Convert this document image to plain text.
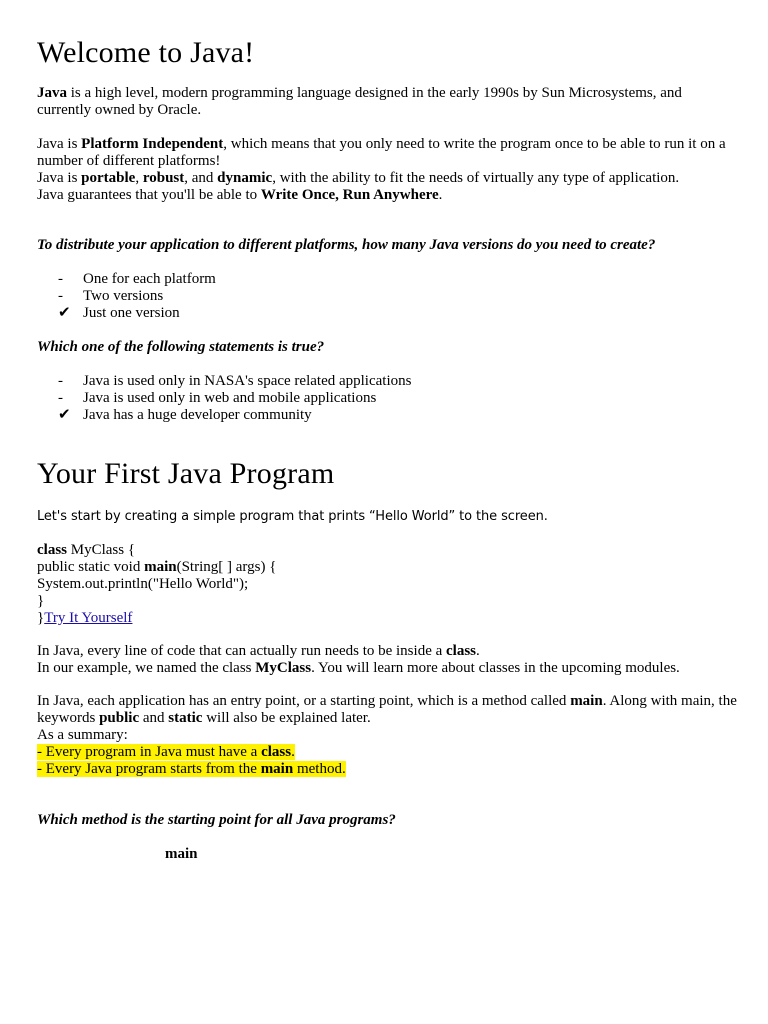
Welcome to Java!

Java is a high level, modern programming language designed in the early 1990s by Sun Microsystems, and currently owned by Oracle.

Java is Platform Independent, which means that you only need to write the program once to be able to run it on a number of different platforms!

Java is portable, robust, and dynamic, with the ability to fit the needs of virtually any type of application.

Java guarantees that you'll be able to Write Once, Run Anywhere.

To distribute your application to different platforms, how many Java versions do you need to create?

-	One for each platform
-	Two versions
✔ Just one version

Which one of the following statements is true?

-	Java is used only in NASA's space related applications
-	Java is used only in web and mobile applications
✔ Java has a huge developer community
Your First Java Program

Let's start by creating a simple program that prints “Hello World” to the screen.

class MyClass {

public static void main(String[ ] args) {

System.out.println("Hello World");

}

}Try It Yourself

In Java, every line of code that can actually run needs to be inside a class.

In our example, we named the class MyClass. You will learn more about classes in the upcoming modules.

In Java, each application has an entry point, or a starting point, which is a method called main. Along with main, the keywords public and static will also be explained later.

As a summary:

- Every program in Java must have a class.

- Every Java program starts from the main method.

Which method is the starting point for all Java programs?

main
